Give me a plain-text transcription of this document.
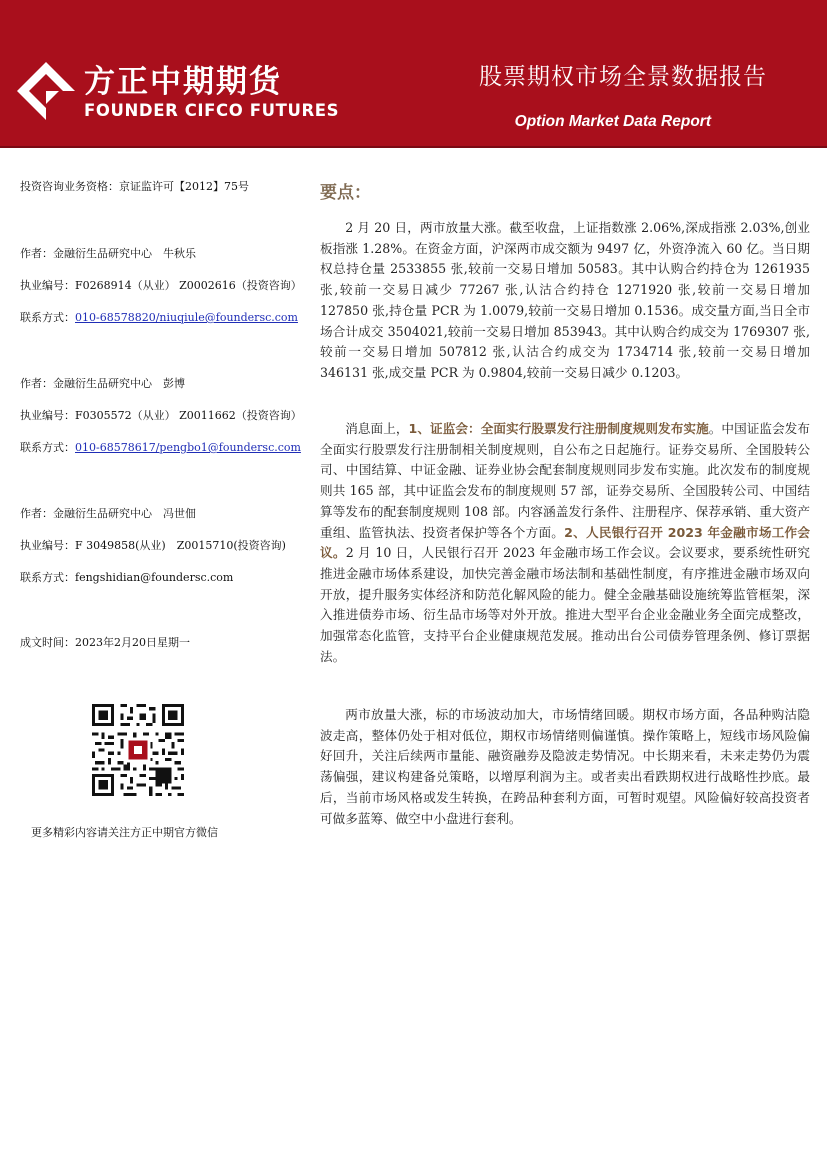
方正中期期货
FOUNDER CIFCO FUTURES
股票期权市场全景数据报告
Option Market Data Report
投资咨询业务资格：京证监许可【2012】75号
作者：金融衍生品研究中心　牛秋乐
执业编号：F0268914（从业） Z0002616（投资咨询）
联系方式：010-68578820/niuqiule@foundersc.com
作者：金融衍生品研究中心　彭博
执业编号：F0305572（从业） Z0011662（投资咨询）
联系方式：010-68578617/pengbo1@foundersc.com
作者：金融衍生品研究中心　冯世佃
执业编号：F 3049858(从业)　Z0015710(投资咨询)
联系方式：fengshidian@foundersc.com
成文时间：2023年2月20日星期一
更多精彩内容请关注方正中期官方微信
要点：

2 月 20 日，两市放量大涨。截至收盘，上证指数涨 2.06%,深成指涨 2.03%,创业板指涨 1.28%。在资金方面，沪深两市成交额为 9497 亿，外资净流入 60 亿。当日期权总持仓量 2533855 张,较前一交易日增加 50583。其中认购合约持仓为 1261935 张,较前一交易日减少 77267 张,认沽合约持仓 1271920 张,较前一交易日增加 127850 张,持仓量 PCR 为 1.0079,较前一交易日增加 0.1536。成交量方面,当日全市场合计成交 3504021,较前一交易日增加 853943。其中认购合约成交为 1769307 张,较前一交易日增加 507812 张,认沽合约成交为 1734714 张,较前一交易日增加 346131 张,成交量 PCR 为 0.9804,较前一交易日减少 0.1203。

消息面上，1、证监会：全面实行股票发行注册制度规则发布实施。中国证监会发布全面实行股票发行注册制相关制度规则，自公布之日起施行。证券交易所、全国股转公司、中国结算、中证金融、证券业协会配套制度规则同步发布实施。此次发布的制度规则共 165 部，其中证监会发布的制度规则 57 部，证券交易所、全国股转公司、中国结算等发布的配套制度规则 108 部。内容涵盖发行条件、注册程序、保荐承销、重大资产重组、监管执法、投资者保护等各个方面。2、人民银行召开 2023 年金融市场工作会议。2 月 10 日，人民银行召开 2023 年金融市场工作会议。会议要求，要系统性研究推进金融市场体系建设，加快完善金融市场法制和基础性制度，有序推进金融市场双向开放，提升服务实体经济和防范化解风险的能力。健全金融基础设施统筹监管框架，深入推进债券市场、衍生品市场等对外开放。推进大型平台企业金融业务全面完成整改，加强常态化监管，支持平台企业健康规范发展。推动出台公司债券管理条例、修订票据法。

两市放量大涨，标的市场波动加大，市场情绪回暖。期权市场方面，各品种购沽隐波走高，整体仍处于相对低位，期权市场情绪则偏谨慎。操作策略上，短线市场风险偏好回升，关注后续两市量能、融资融券及隐波走势情况。中长期来看，未来走势仍为震荡偏强，建议构建备兑策略，以增厚利润为主。或者卖出看跌期权进行战略性抄底。最后，当前市场风格或发生转换，在跨品种套利方面，可暂时观望。风险偏好较高投资者可做多蓝筹、做空中小盘进行套利。
